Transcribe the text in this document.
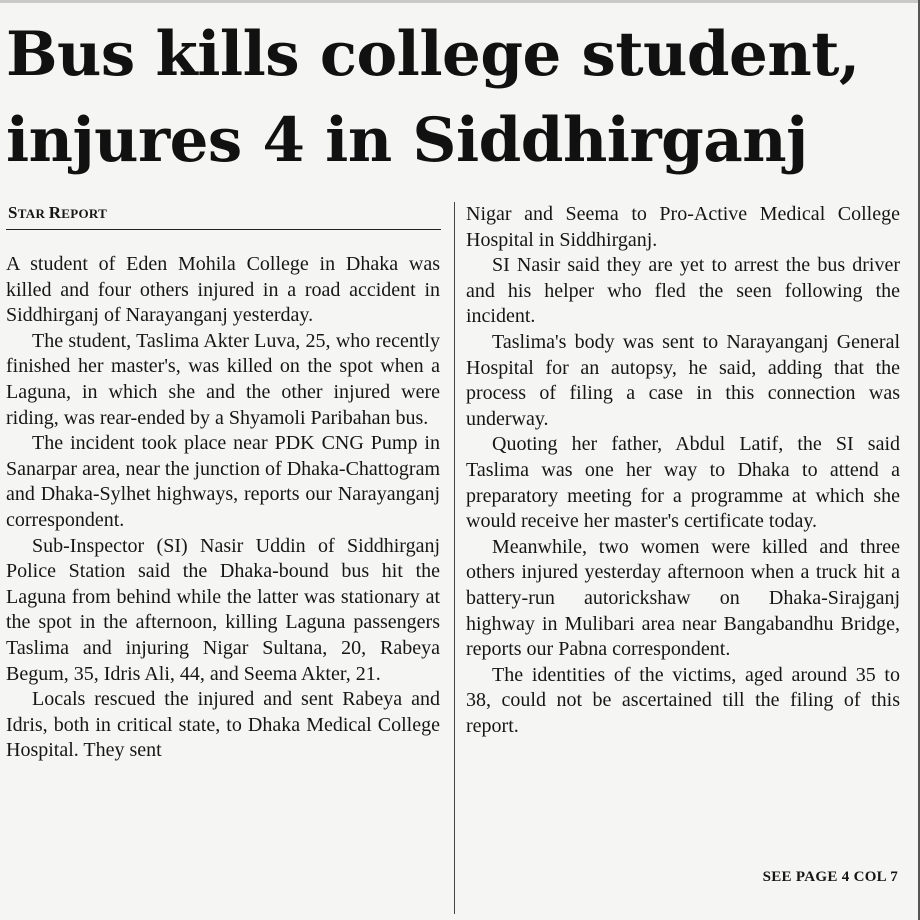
Bus kills college student,
injures 4 in Siddhirganj
STAR REPORT

A student of Eden Mohila College in Dhaka was killed and four others injured in a road accident in Siddhirganj of Narayanganj yesterday.

The student, Taslima Akter Luva, 25, who recently finished her master's, was killed on the spot when a Laguna, in which she and the other injured were riding, was rear-ended by a Shyamoli Paribahan bus.

The incident took place near PDK CNG Pump in Sanarpar area, near the junction of Dhaka-Chattogram and Dhaka-Sylhet highways, reports our Narayanganj correspondent.

Sub-Inspector (SI) Nasir Uddin of Siddhirganj Police Station said the Dhaka-bound bus hit the Laguna from behind while the latter was stationary at the spot in the afternoon, killing Laguna passengers Taslima and injuring Nigar Sultana, 20, Rabeya Begum, 35, Idris Ali, 44, and Seema Akter, 21.

Locals rescued the injured and sent Rabeya and Idris, both in critical state, to Dhaka Medical College Hospital. They sent

Nigar and Seema to Pro-Active Medical College Hospital in Siddhirganj.

SI Nasir said they are yet to arrest the bus driver and his helper who fled the seen following the incident.

Taslima's body was sent to Narayanganj General Hospital for an autopsy, he said, adding that the process of filing a case in this connection was underway.

Quoting her father, Abdul Latif, the SI said Taslima was one her way to Dhaka to attend a preparatory meeting for a programme at which she would receive her master's certificate today.

Meanwhile, two women were killed and three others injured yesterday afternoon when a truck hit a battery-run autorickshaw on Dhaka-Sirajganj highway in Mulibari area near Bangabandhu Bridge, reports our Pabna correspondent.

The identities of the victims, aged around 35 to 38, could not be ascertained till the filing of this report.

SEE PAGE 4 COL 7
